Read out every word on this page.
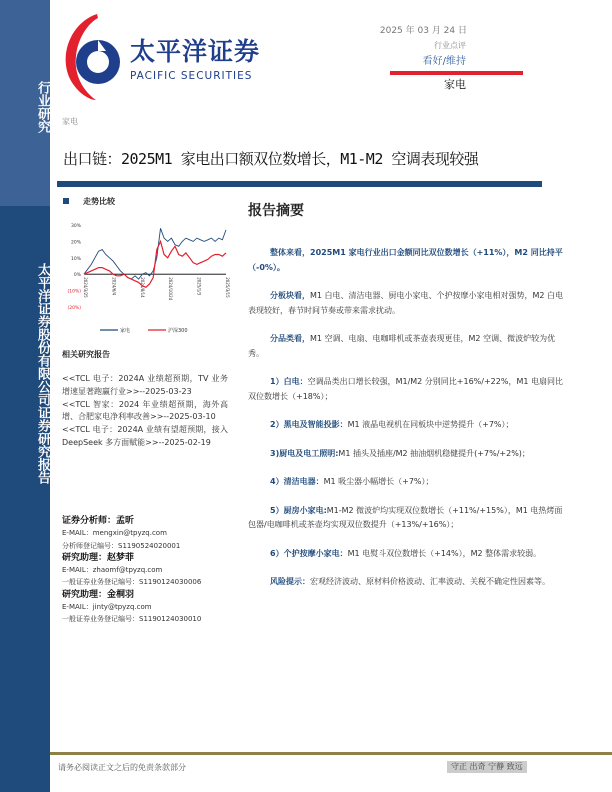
行业研究
太平洋证券股份有限公司证券研究报告
太平洋证券
PACIFIC SECURITIES
2025 年 03 月 24 日
行业点评
看好/维持
家电
家电
出口链：2025M1 家电出口额双位数增长，M1-M2 空调表现较强
走势比较
30%
20%
10%
0%
(10%)
(20%)
2024/3/25	2024/6/4	2024/8/14	2024/10/24	2025/1/3	2025/3/15
家电	沪深300
相关研究报告
<<TCL 电子：2024A 业绩超预期，TV 业务增速显著跑赢行业>>--2025-03-23
<<TCL 智家：2024 年业绩超预期，海外高增、合肥家电净利率改善>>--2025-03-10
<<TCL 电子：2024A 业绩有望超预期，接入 DeepSeek 多方面赋能>>--2025-02-19
证券分析师：孟昕
E-MAIL：mengxin@tpyzq.com
分析师登记编号：S1190524020001
研究助理：赵梦菲
E-MAIL：zhaomf@tpyzq.com
一般证券业务登记编号：S1190124030006
研究助理：金桐羽
E-MAIL：jinty@tpyzq.com
一般证券业务登记编号：S1190124030010
报告摘要

整体来看，2025M1 家电行业出口金额同比双位数增长（+11%），M2 同比持平（-0%）。

分板块看，M1 白电、清洁电器、厨电小家电、个护按摩小家电相对强势，M2 白电表现较好，春节时间节奏或带来需求扰动。

分品类看，M1 空调、电扇、电咖啡机或茶壶表现更佳，M2 空调、微波炉较为优秀。

1）白电：空调品类出口增长较强，M1/M2 分别同比+16%/+22%，M1 电扇同比双位数增长（+18%）；

2）黑电及智能投影：M1 液晶电视机在同板块中逆势提升（+7%）；

3)厨电及电工照明:M1 插头及插座/M2 抽油烟机稳健提升(+7%/+2%)；

4）清洁电器：M1 吸尘器小幅增长（+7%）；

5）厨房小家电:M1-M2 微波炉均实现双位数增长（+11%/+15%），M1 电热烤面包器/电咖啡机或茶壶均实现双位数提升（+13%/+16%）；

6）个护按摩小家电：M1 电熨斗双位数增长（+14%），M2 整体需求较弱。

风险提示：宏观经济波动、原材料价格波动、汇率波动、关税不确定性因素等。

请务必阅读正文之后的免责条款部分	守正 出奇 宁静 致远
